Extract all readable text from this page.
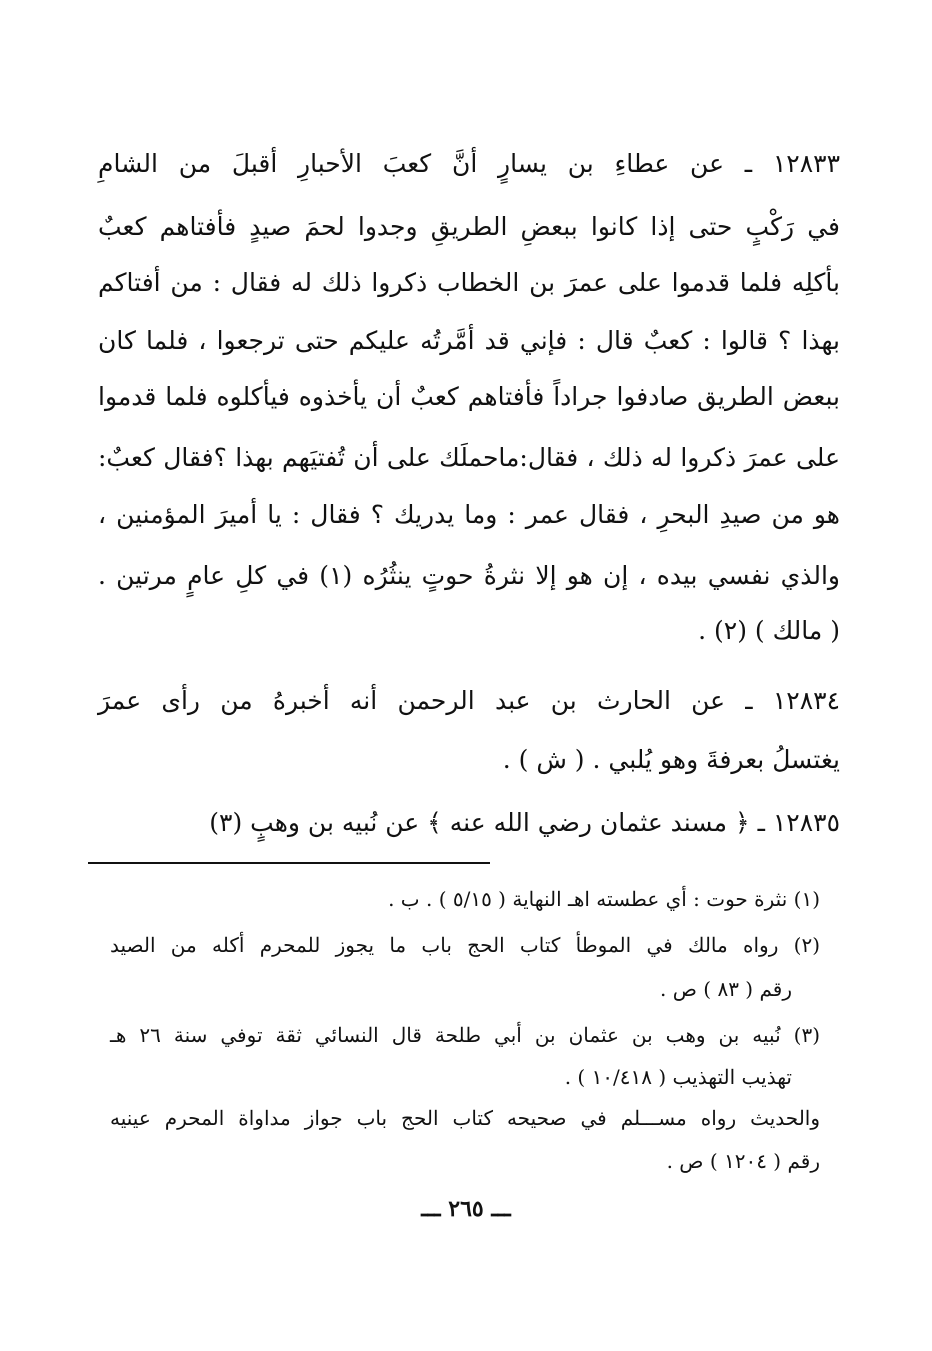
١٢٨٣٣ ـ عن عطاءِ بن يسارٍ أنَّ كعبَ الأحبارِ أقبلَ من الشامِ
في رَكْبٍ حتى إذا كانوا ببعضِ الطريقِ وجدوا لحمَ صيدٍ فأفتاهم كعبٌ
بأكلِه فلما قدموا على عمرَ بن الخطاب ذكروا ذلك له فقال : من أفتاكم
بهذا ؟ قالوا : كعبٌ قال : فإني قد أمَّرتُه عليكم حتى ترجعوا ، فلما كان
ببعض الطريق صادفوا جراداً فأفتاهم كعبٌ أن يأخذوه فيأكلوه فلما قدموا
على عمرَ ذكروا له ذلك ، فقال:ماحملَك على أن تُفتيَهم بهذا ؟فقال كعبٌ:
هو من صيدِ البحرِ ، فقال عمر : وما يدريك ؟ فقال : يا أميرَ المؤمنين ،
والذي نفسي بيده ، إن هو إلا نثرةُ حوتٍ ينثُرُه (١) في كلِ عامٍ مرتين .
( مالك ) (٢) .
١٢٨٣٤ ـ عن الحارث بن عبد الرحمن أنه أخبرهُ من رأى عمرَ
يغتسلُ بعرفةَ وهو يُلبي . ( ش ) .
١٢٨٣٥ ـ ﴿ مسند عثمان رضي الله عنه ﴾ عن نُبيه بن وهبٍ (٣)
(١) نثرة حوت : أي عطسته اهـ النهاية ( ٥/١٥ ) . ب .
(٢) رواه مالك في الموطأ كتاب الحج باب ما يجوز للمحرم أكله من الصيد
رقم ( ٨٣ ) ص .
(٣) نُبيه بن وهب بن عثمان بن أبي طلحة قال النسائي ثقة توفي سنة ٢٦ هـ
تهذيب التهذيب ( ١٠/٤١٨ ) .
والحديث رواه مســـلم في صحيحه كتاب الحج باب جواز مداواة المحرم عينيه
رقم ( ١٢٠٤ ) ص .
ـــ ٢٦٥ ـــ
